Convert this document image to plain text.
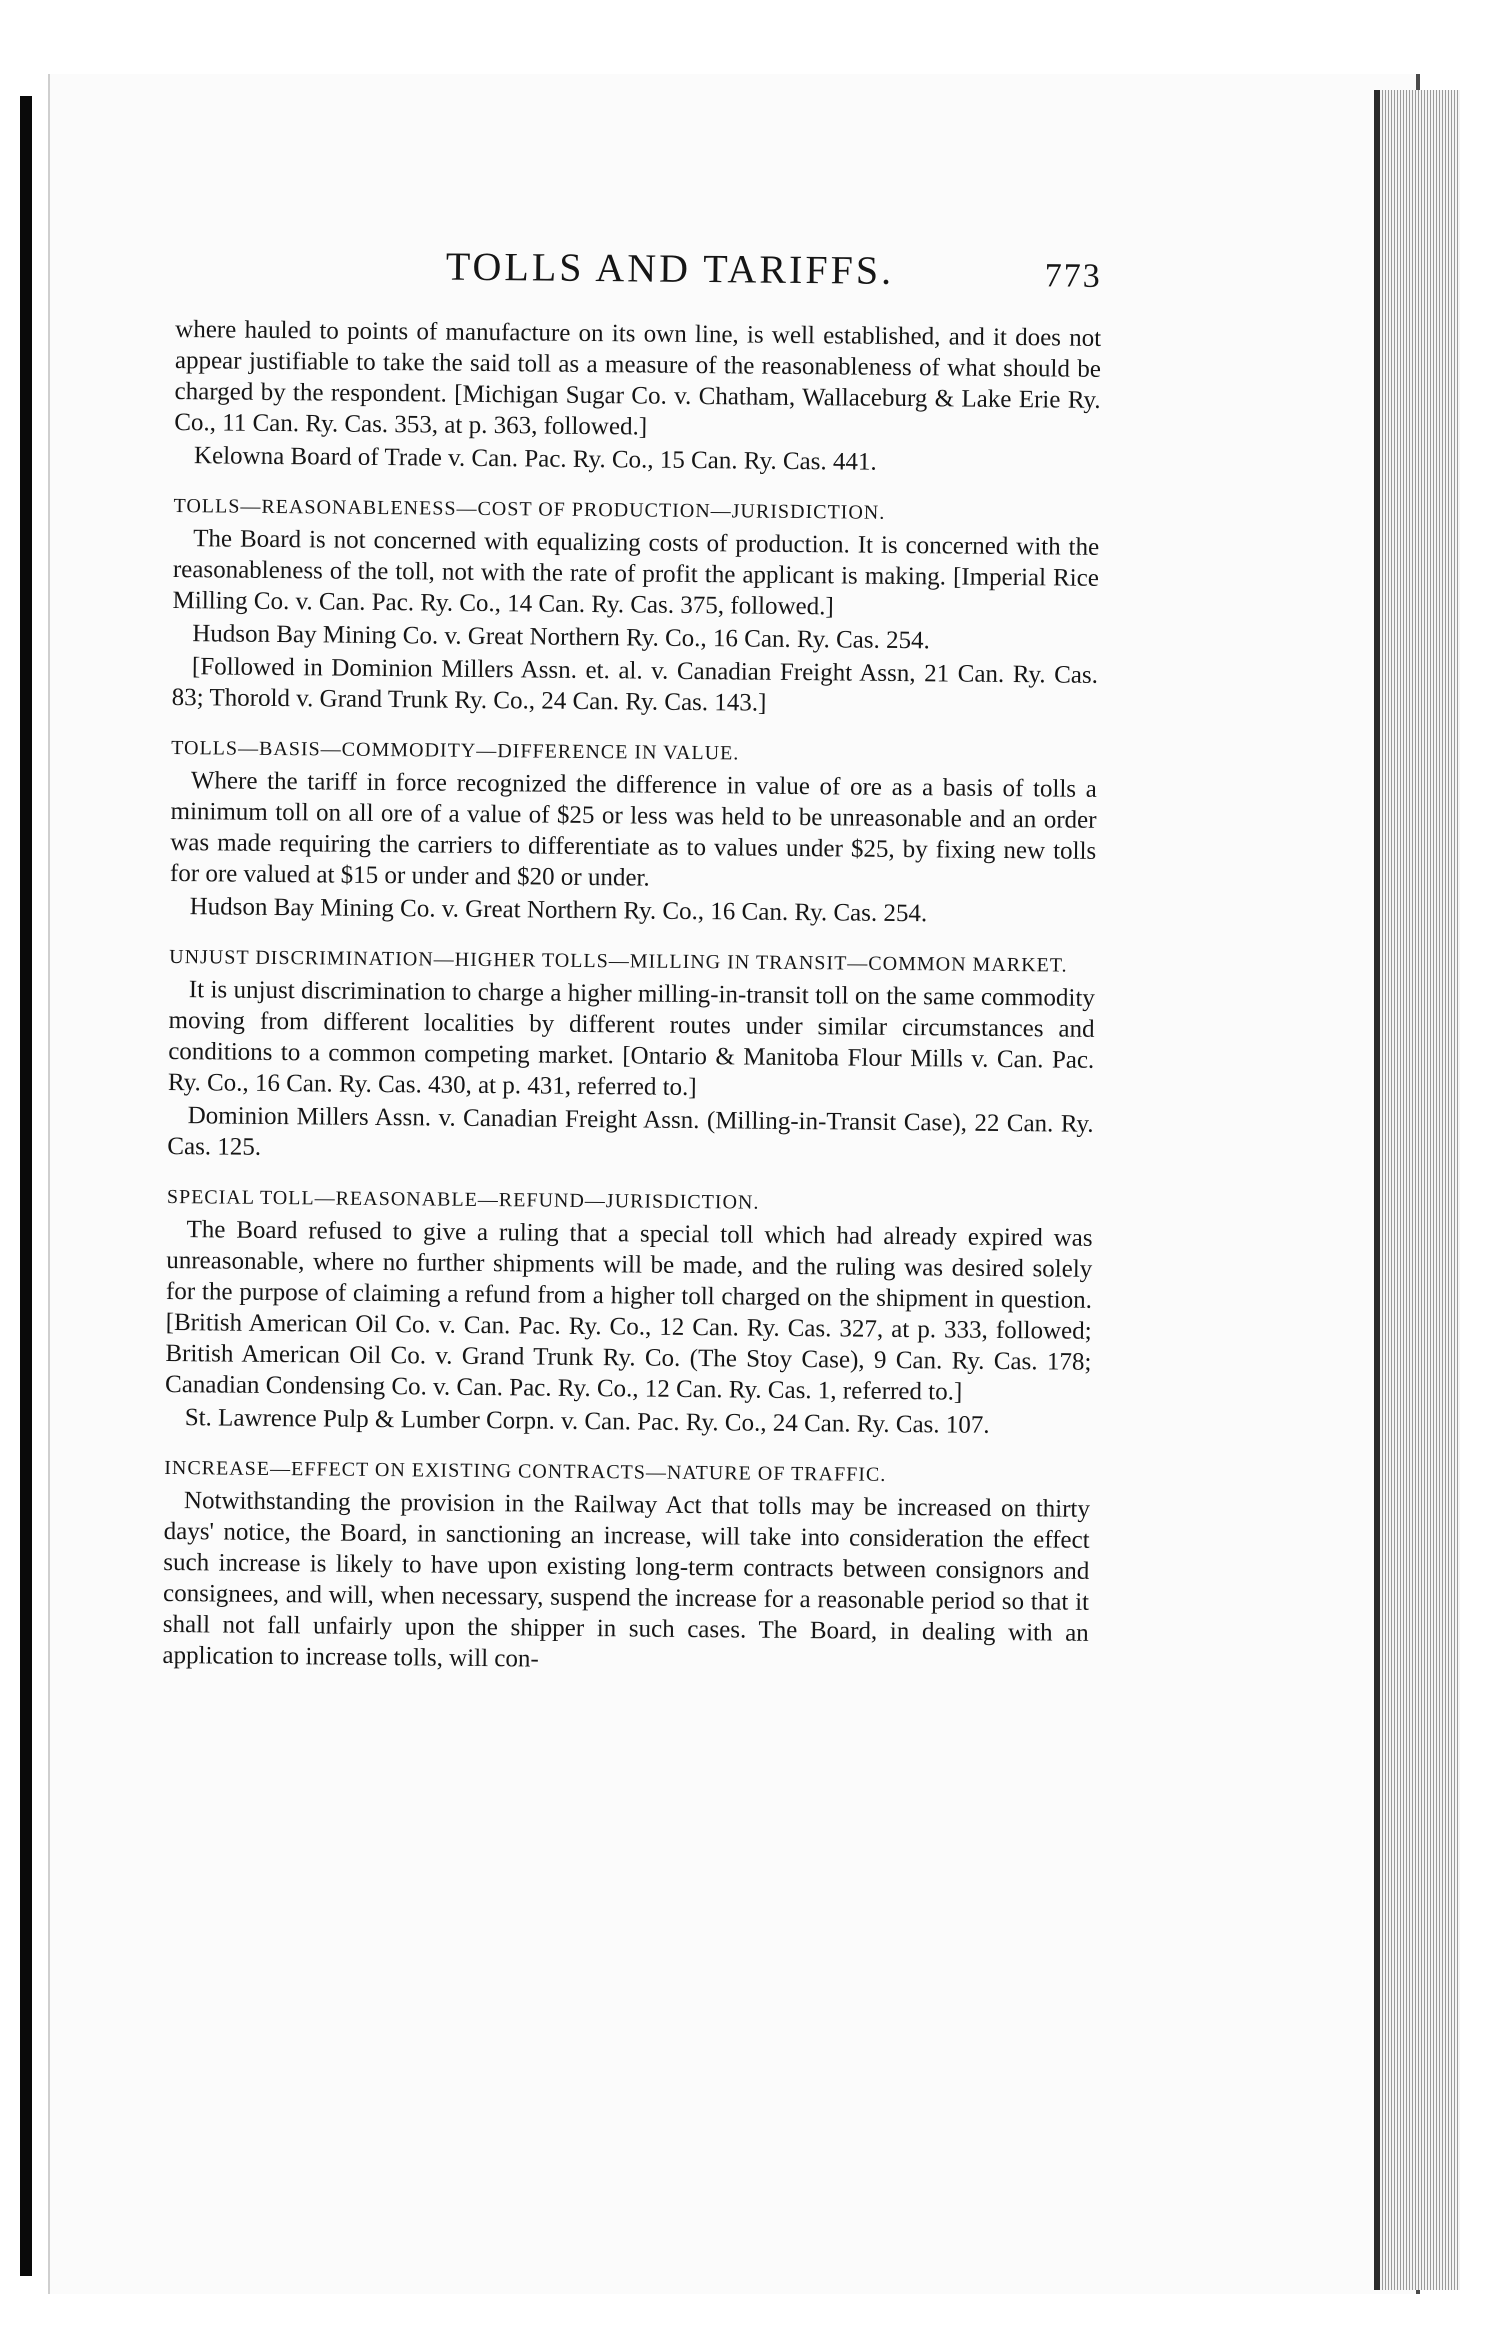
TOLLS AND TARIFFS.	773

where hauled to points of manufacture on its own line, is well established, and it does not appear justifiable to take the said toll as a measure of the reasonableness of what should be charged by the respondent. [Michigan Sugar Co. v. Chatham, Wallaceburg & Lake Erie Ry. Co., 11 Can. Ry. Cas. 353, at p. 363, followed.]

Kelowna Board of Trade v. Can. Pac. Ry. Co., 15 Can. Ry. Cas. 441.

TOLLS—REASONABLENESS—COST OF PRODUCTION—JURISDICTION.

The Board is not concerned with equalizing costs of production. It is concerned with the reasonableness of the toll, not with the rate of profit the applicant is making. [Imperial Rice Milling Co. v. Can. Pac. Ry. Co., 14 Can. Ry. Cas. 375, followed.]

Hudson Bay Mining Co. v. Great Northern Ry. Co., 16 Can. Ry. Cas. 254.

[Followed in Dominion Millers Assn. et. al. v. Canadian Freight Assn, 21 Can. Ry. Cas. 83; Thorold v. Grand Trunk Ry. Co., 24 Can. Ry. Cas. 143.]

TOLLS—BASIS—COMMODITY—DIFFERENCE IN VALUE.

Where the tariff in force recognized the difference in value of ore as a basis of tolls a minimum toll on all ore of a value of $25 or less was held to be unreasonable and an order was made requiring the carriers to differentiate as to values under $25, by fixing new tolls for ore valued at $15 or under and $20 or under.

Hudson Bay Mining Co. v. Great Northern Ry. Co., 16 Can. Ry. Cas. 254.

UNJUST DISCRIMINATION—HIGHER TOLLS—MILLING IN TRANSIT—COMMON MARKET.

It is unjust discrimination to charge a higher milling-in-transit toll on the same commodity moving from different localities by different routes under similar circumstances and conditions to a common competing market. [Ontario & Manitoba Flour Mills v. Can. Pac. Ry. Co., 16 Can. Ry. Cas. 430, at p. 431, referred to.]

Dominion Millers Assn. v. Canadian Freight Assn. (Milling-in-Transit Case), 22 Can. Ry. Cas. 125.

SPECIAL TOLL—REASONABLE—REFUND—JURISDICTION.

The Board refused to give a ruling that a special toll which had already expired was unreasonable, where no further shipments will be made, and the ruling was desired solely for the purpose of claiming a refund from a higher toll charged on the shipment in question. [British American Oil Co. v. Can. Pac. Ry. Co., 12 Can. Ry. Cas. 327, at p. 333, followed; British American Oil Co. v. Grand Trunk Ry. Co. (The Stoy Case), 9 Can. Ry. Cas. 178; Canadian Condensing Co. v. Can. Pac. Ry. Co., 12 Can. Ry. Cas. 1, referred to.]

St. Lawrence Pulp & Lumber Corpn. v. Can. Pac. Ry. Co., 24 Can. Ry. Cas. 107.

INCREASE—EFFECT ON EXISTING CONTRACTS—NATURE OF TRAFFIC.

Notwithstanding the provision in the Railway Act that tolls may be increased on thirty days' notice, the Board, in sanctioning an increase, will take into consideration the effect such increase is likely to have upon existing long-term contracts between consignors and consignees, and will, when necessary, suspend the increase for a reasonable period so that it shall not fall unfairly upon the shipper in such cases. The Board, in dealing with an application to increase tolls, will con-
